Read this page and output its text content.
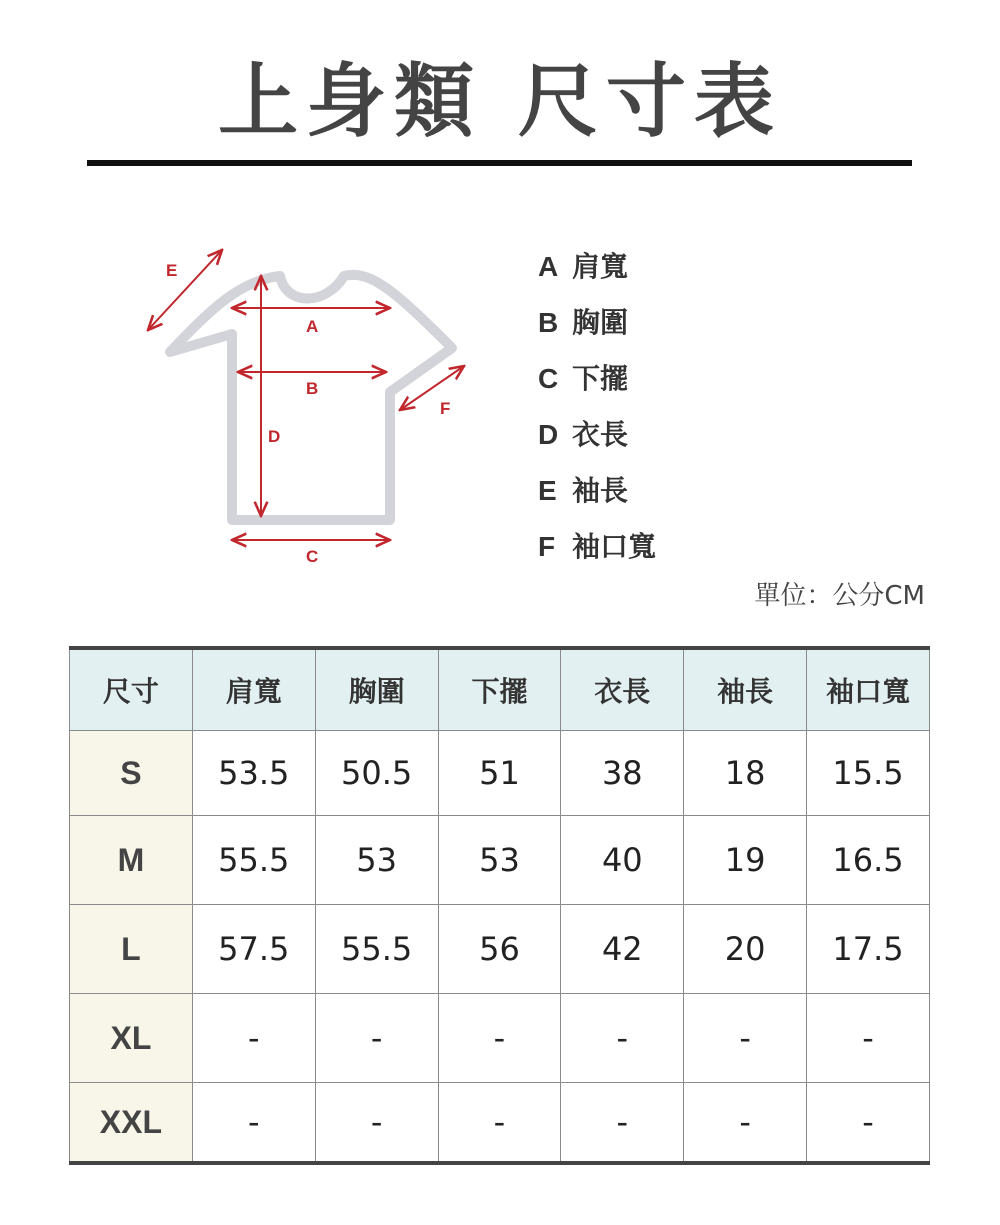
上身類 尺寸表
A
B
C
D
E
F
A 肩寬
B 胸圍
C 下擺
D 衣長
E 袖長
F 袖口寬
單位：公分CM
尺寸	肩寬	胸圍	下擺	衣長	袖長	袖口寬
S	53.5	50.5	51	38	18	15.5
M	55.5	53	53	40	19	16.5
L	57.5	55.5	56	42	20	17.5
XL	-	-	-	-	-	-
XXL	-	-	-	-	-	-
